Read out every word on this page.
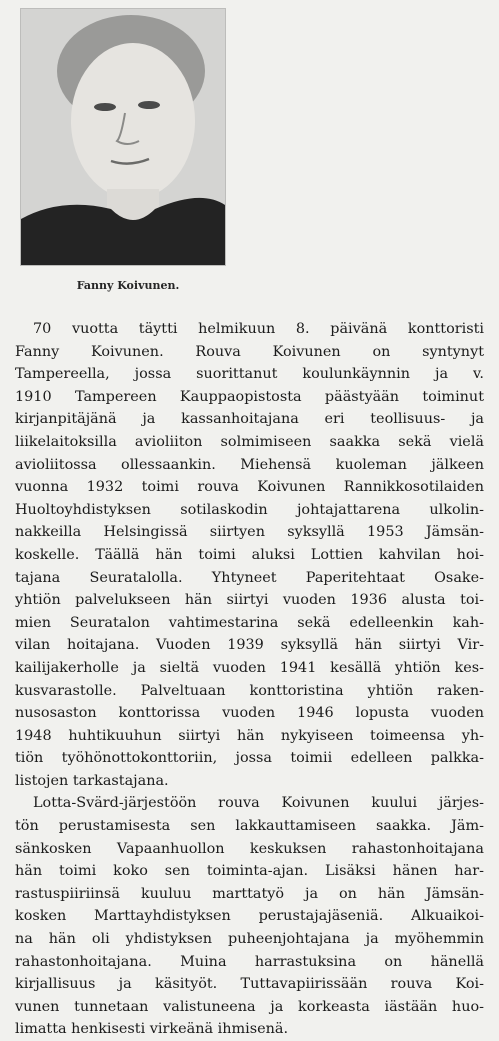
Fanny Koivunen.
70 vuotta täytti helmikuun 8. päivänä konttoristi
Fanny Koivunen. Rouva Koivunen on syntynyt
Tampereella, jossa suorittanut koulunkäynnin ja v.
1910 Tampereen Kauppaopistosta päästyään toiminut
kirjanpitäjänä ja kassanhoitajana eri teollisuus- ja
liikelaitoksilla avioliiton solmimiseen saakka sekä vielä
avioliitossa ollessaankin. Miehensä kuoleman jälkeen
vuonna 1932 toimi rouva Koivunen Rannikkosotilaiden
Huoltoyhdistyksen sotilaskodin johtajattarena ulkolin-
nakkeilla Helsingissä siirtyen syksyllä 1953 Jämsän-
koskelle. Täällä hän toimi aluksi Lottien kahvilan hoi-
tajana Seuratalolla. Yhtyneet Paperitehtaat Osake-
yhtiön palvelukseen hän siirtyi vuoden 1936 alusta toi-
mien Seuratalon vahtimestarina sekä edelleenkin kah-
vilan hoitajana. Vuoden 1939 syksyllä hän siirtyi Vir-
kailijakerholle ja sieltä vuoden 1941 kesällä yhtiön kes-
kusvarastolle. Palveltuaan konttoristina yhtiön raken-
nusosaston konttorissa vuoden 1946 lopusta vuoden
1948 huhtikuuhun siirtyi hän nykyiseen toimeensa yh-
tiön työhönottokonttoriin, jossa toimii edelleen palkka-
listojen tarkastajana.
Lotta-Svärd-järjestöön rouva Koivunen kuului järjes-
tön perustamisesta sen lakkauttamiseen saakka. Jäm-
sänkosken Vapaanhuollon keskuksen rahastonhoitajana
hän toimi koko sen toiminta-ajan. Lisäksi hänen har-
rastuspiiriinsä kuuluu marttatyö ja on hän Jämsän-
kosken Marttayhdistyksen perustajajäseniä. Alkuaikoi-
na hän oli yhdistyksen puheenjohtajana ja myöhemmin
rahastonhoitajana. Muina harrastuksina on hänellä
kirjallisuus ja käsityöt. Tuttavapiirissään rouva Koi-
vunen tunnetaan valistuneena ja korkeasta iästään huo-
limatta henkisesti virkeänä ihmisenä.
